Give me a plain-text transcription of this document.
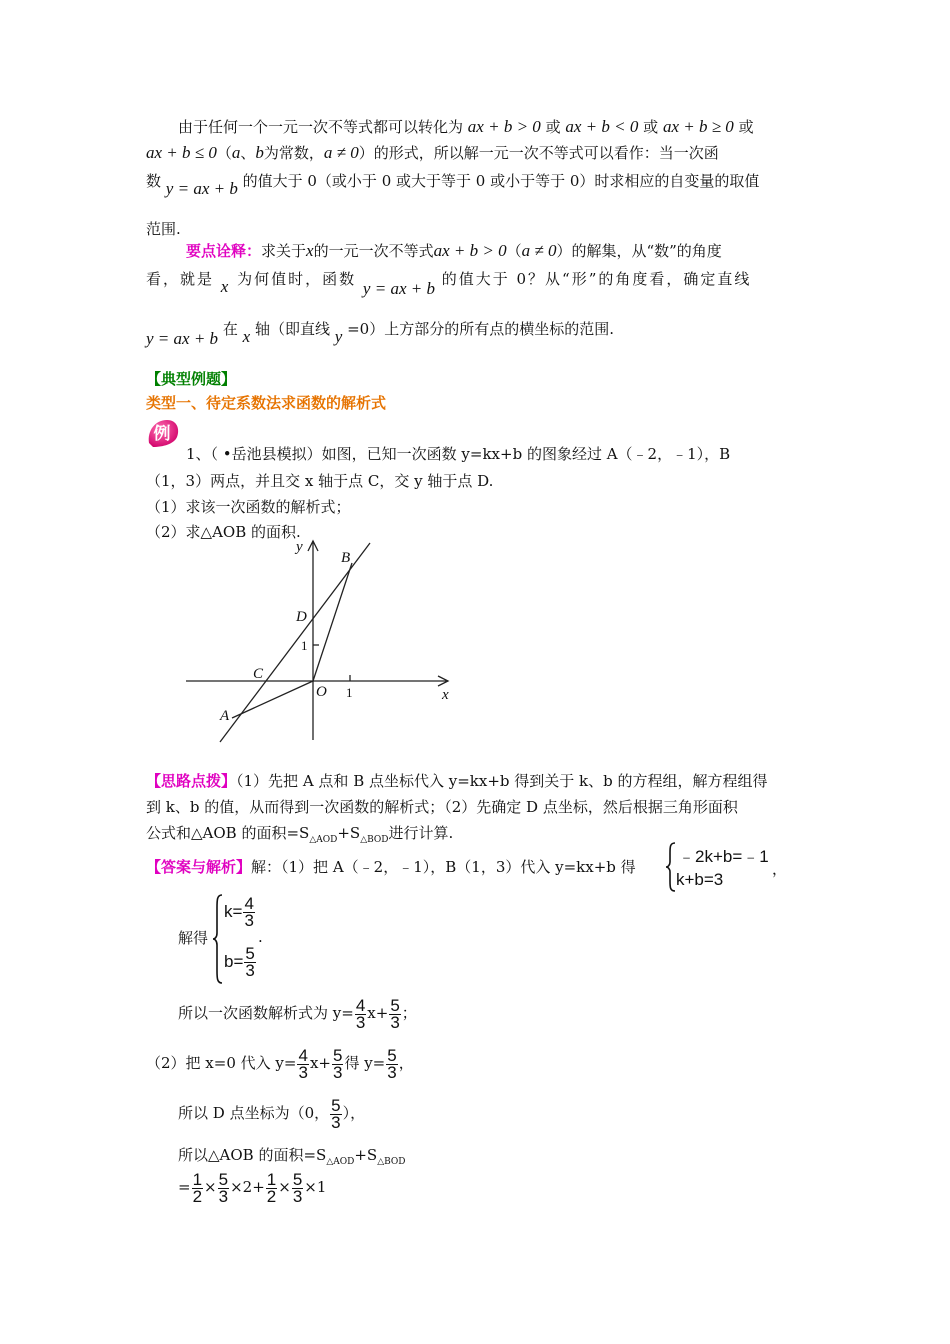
由于任何一个一元一次不等式都可以转化为 ax + b > 0 或 ax + b < 0 或 ax + b ≥ 0 或
ax + b ≤ 0（a、b为常数，a ≠ 0）的形式，所以解一元一次不等式可以看作：当一次函
数 y = ax + b 的值大于 0（或小于 0 或大于等于 0 或小于等于 0）时求相应的自变量的取值
范围.
要点诠释：求关于x的一元一次不等式ax + b > 0（a ≠ 0）的解集，从“数”的角度
看，就是 x 为何值时，函数 y = ax + b 的值大于 0？从“形”的角度看，确定直线
y = ax + b 在 x 轴（即直线 y =0）上方部分的所有点的横坐标的范围.
【典型例题】
类型一、待定系数法求函数的解析式
例
1、（ •岳池县模拟）如图，已知一次函数 y=kx+b 的图象经过 A（﹣2，﹣1），B
（1，3）两点，并且交 x 轴于点 C，交 y 轴于点 D.
（1）求该一次函数的解析式；
（2）求△AOB 的面积.
y
x
B
D
C
O
A
1
1
【思路点拨】（1）先把 A 点和 B 点坐标代入 y=kx+b 得到关于 k、b 的方程组，解方程组得
到 k、b 的值，从而得到一次函数的解析式；（2）先确定 D 点坐标，然后根据三角形面积
公式和△AOB 的面积$=S_{\triangle AOD}+S_{\triangle BOD}$进行计算.
【答案与解析】解：（1）把 A（﹣2，﹣1），B（1，3）代入 y=kx+b 得
﹣2k+b=﹣1
k+b=3
，
解得
$k= \frac{4}{3}$
.
$b= \frac{5}{3}$
所以一次函数解析式为 $y= \frac{4}{3} x+ \frac{5}{3}$ ；
（2）把 x=0 代入 $y= \frac{4}{3} x+ \frac{5}{3}$ 得 $y= \frac{5}{3}$ ，
所以 D 点坐标为（0， $\frac{5}{3}$ ），
所以△AOB 的面积$=S_{\triangle AOD}+S_{\triangle BOD}$
= $\frac{1}{2} \times \frac{5}{3} \times 2+ \frac{1}{2} \times \frac{5}{3} \times 1$
